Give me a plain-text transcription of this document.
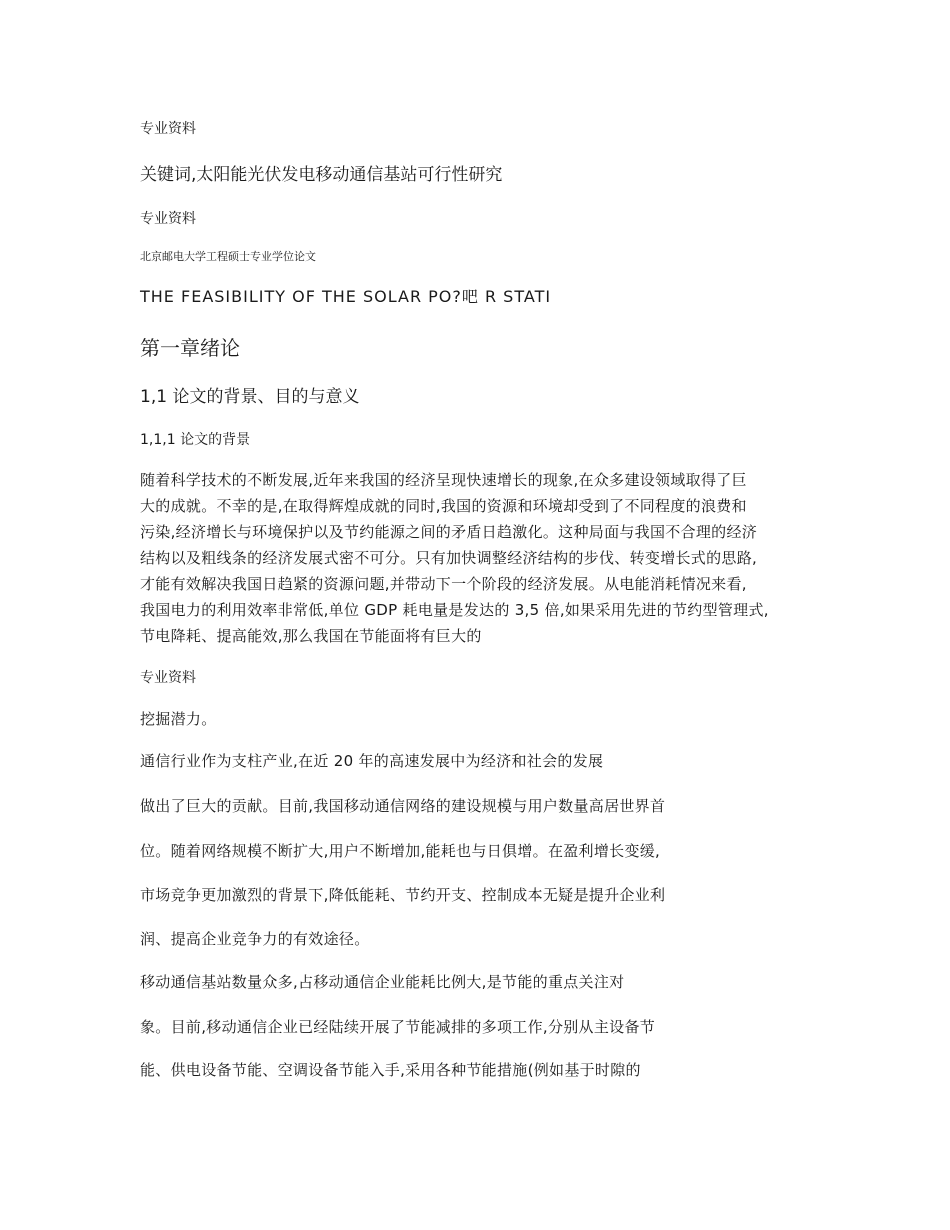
专业资料

关键词,太阳能光伏发电移动通信基站可行性研究

专业资料

北京邮电大学工程硕士专业学位论文

THE FEASIBILITY OF THE SOLAR PO?吧 R STATI

第一章绪论

1,1 论文的背景、目的与意义

1,1,1 论文的背景

随着科学技术的不断发展,近年来我国的经济呈现快速增长的现象,在众多建设领域取得了巨
大的成就。不幸的是,在取得辉煌成就的同时,我国的资源和环境却受到了不同程度的浪费和
污染,经济增长与环境保护以及节约能源之间的矛盾日趋激化。这种局面与我国不合理的经济
结构以及粗线条的经济发展式密不可分。只有加快调整经济结构的步伐、转变增长式的思路,
才能有效解决我国日趋紧的资源问题,并带动下一个阶段的经济发展。从电能消耗情况来看,
我国电力的利用效率非常低,单位 GDP 耗电量是发达的 3,5 倍,如果采用先进的节约型管理式,
节电降耗、提高能效,那么我国在节能面将有巨大的

专业资料

挖掘潜力。

通信行业作为支柱产业,在近 20 年的高速发展中为经济和社会的发展

做出了巨大的贡献。目前,我国移动通信网络的建设规模与用户数量高居世界首

位。随着网络规模不断扩大,用户不断增加,能耗也与日俱增。在盈利增长变缓,

市场竞争更加激烈的背景下,降低能耗、节约开支、控制成本无疑是提升企业利

润、提高企业竞争力的有效途径。

移动通信基站数量众多,占移动通信企业能耗比例大,是节能的重点关注对

象。目前,移动通信企业已经陆续开展了节能减排的多项工作,分别从主设备节

能、供电设备节能、空调设备节能入手,采用各种节能措施(例如基于时隙的
